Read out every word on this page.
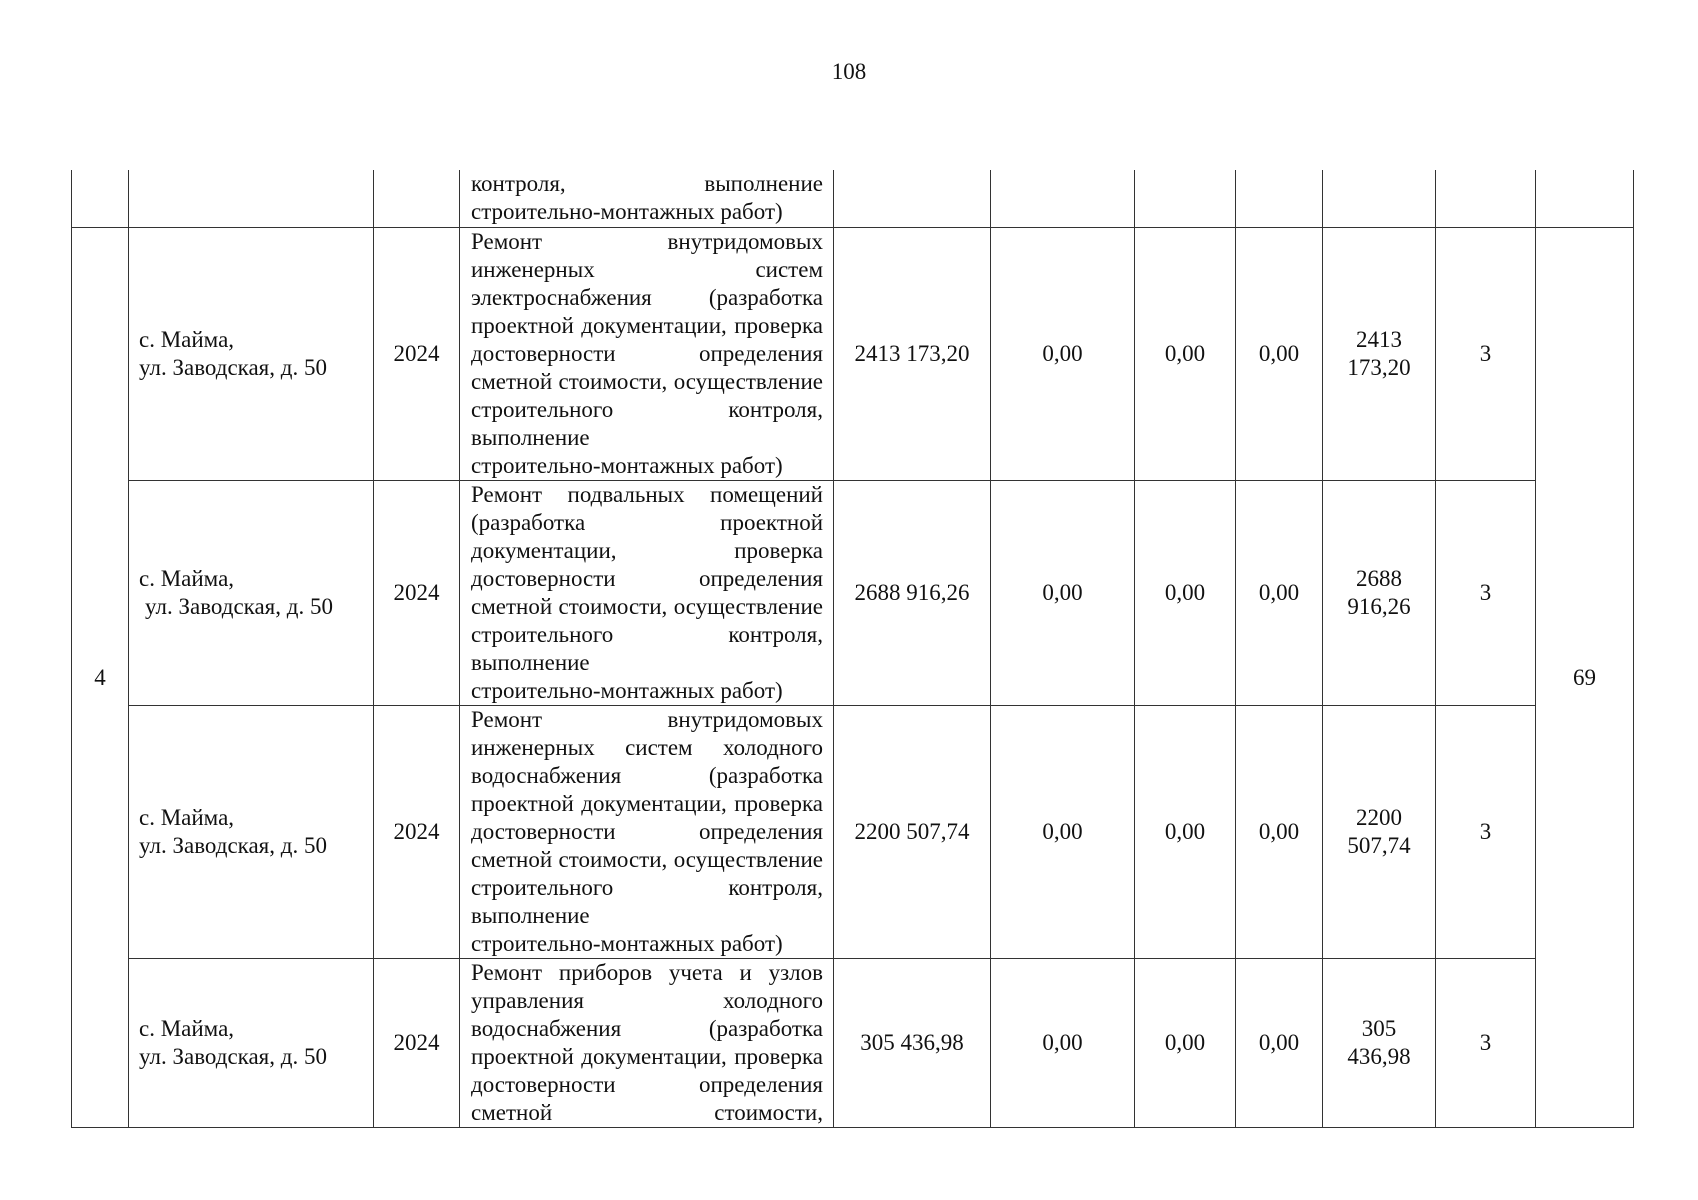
108

			контроля, выполнение
строительно-монтажных работ)							

4	с. Майма,
ул. Заводская, д. 50	2024	Ремонт внутридомовых инженерных систем электроснабжения (разработка проектной документации, проверка достоверности определения сметной стоимости, осуществление строительного контроля, выполнение
строительно-монтажных работ)	2413 173,20	0,00	0,00	0,00	2413
173,20	3	69

	с. Майма,
ул. Заводская, д. 50	2024	Ремонт подвальных помещений (разработка проектной документации, проверка достоверности определения сметной стоимости, осуществление строительного контроля, выполнение
строительно-монтажных работ)	2688 916,26	0,00	0,00	0,00	2688
916,26	3	

	с. Майма,
ул. Заводская, д. 50	2024	Ремонт внутридомовых инженерных систем холодного водоснабжения (разработка проектной документации, проверка достоверности определения сметной стоимости, осуществление строительного контроля, выполнение
строительно-монтажных работ)	2200 507,74	0,00	0,00	0,00	2200
507,74	3	

	с. Майма,
ул. Заводская, д. 50	2024	Ремонт приборов учета и узлов управления холодного водоснабжения (разработка проектной документации, проверка достоверности определения сметной стоимости,	305 436,98	0,00	0,00	0,00	305
436,98	3	
